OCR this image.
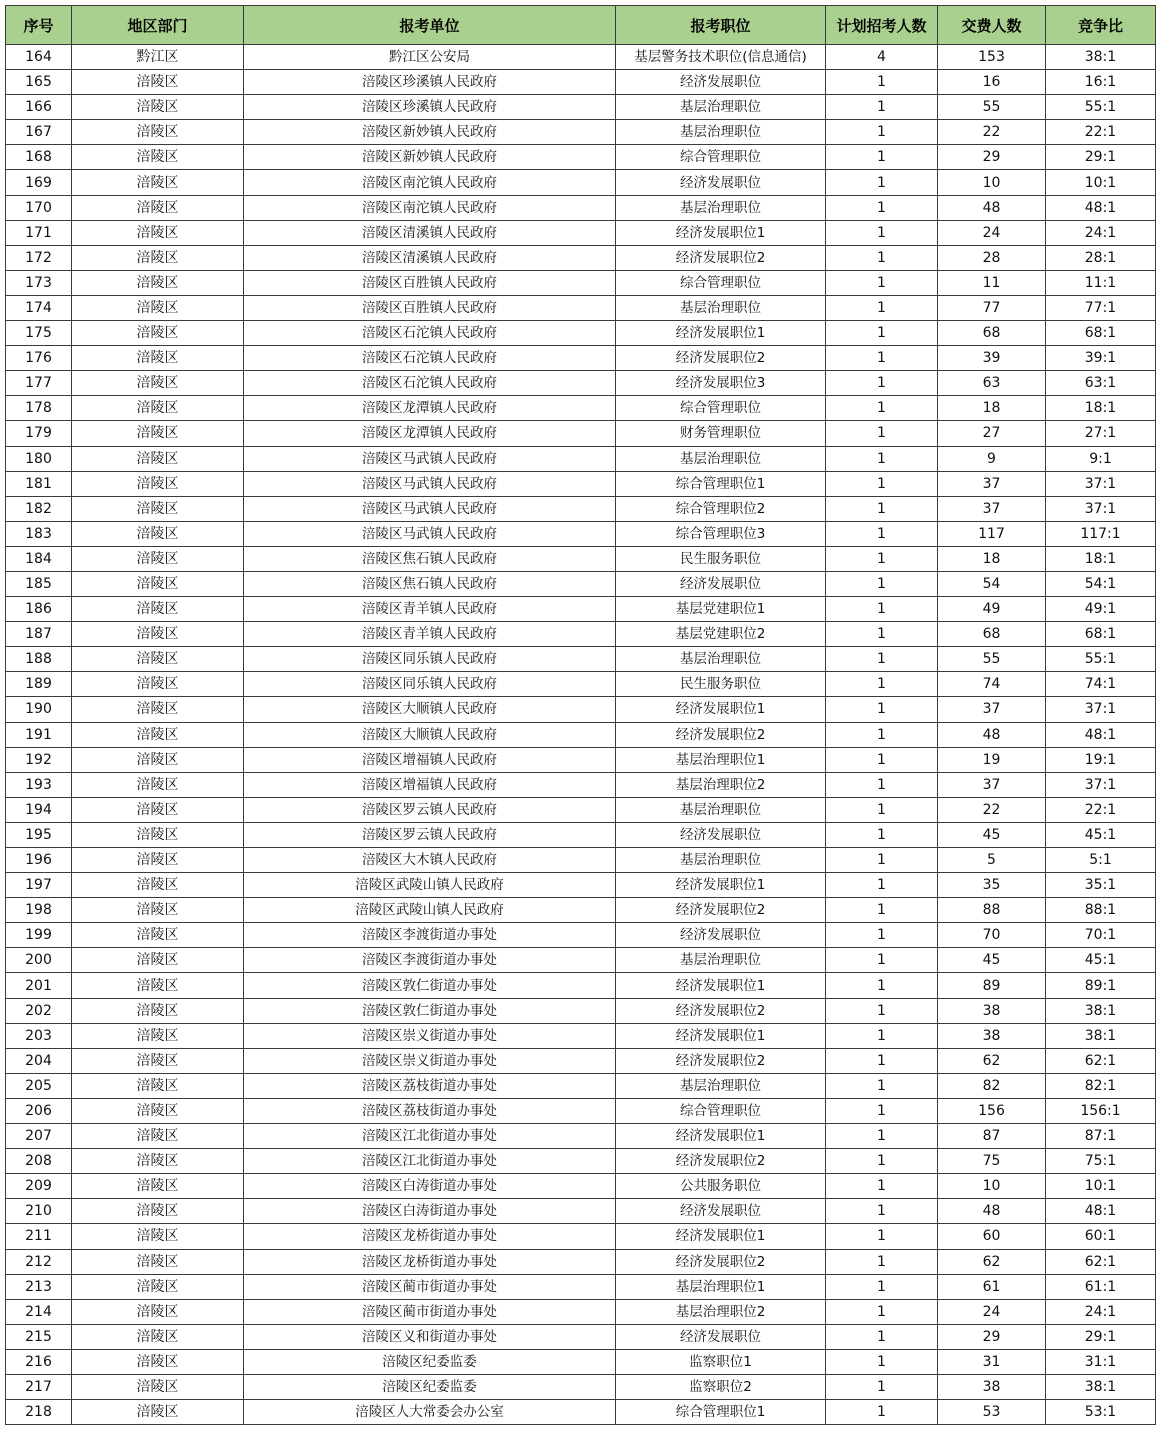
序号	地区部门	报考单位	报考职位	计划招考人数	交费人数	竞争比
164	黔江区	黔江区公安局	基层警务技术职位(信息通信)	4	153	38:1
165	涪陵区	涪陵区珍溪镇人民政府	经济发展职位	1	16	16:1
166	涪陵区	涪陵区珍溪镇人民政府	基层治理职位	1	55	55:1
167	涪陵区	涪陵区新妙镇人民政府	基层治理职位	1	22	22:1
168	涪陵区	涪陵区新妙镇人民政府	综合管理职位	1	29	29:1
169	涪陵区	涪陵区南沱镇人民政府	经济发展职位	1	10	10:1
170	涪陵区	涪陵区南沱镇人民政府	基层治理职位	1	48	48:1
171	涪陵区	涪陵区清溪镇人民政府	经济发展职位1	1	24	24:1
172	涪陵区	涪陵区清溪镇人民政府	经济发展职位2	1	28	28:1
173	涪陵区	涪陵区百胜镇人民政府	综合管理职位	1	11	11:1
174	涪陵区	涪陵区百胜镇人民政府	基层治理职位	1	77	77:1
175	涪陵区	涪陵区石沱镇人民政府	经济发展职位1	1	68	68:1
176	涪陵区	涪陵区石沱镇人民政府	经济发展职位2	1	39	39:1
177	涪陵区	涪陵区石沱镇人民政府	经济发展职位3	1	63	63:1
178	涪陵区	涪陵区龙潭镇人民政府	综合管理职位	1	18	18:1
179	涪陵区	涪陵区龙潭镇人民政府	财务管理职位	1	27	27:1
180	涪陵区	涪陵区马武镇人民政府	基层治理职位	1	9	9:1
181	涪陵区	涪陵区马武镇人民政府	综合管理职位1	1	37	37:1
182	涪陵区	涪陵区马武镇人民政府	综合管理职位2	1	37	37:1
183	涪陵区	涪陵区马武镇人民政府	综合管理职位3	1	117	117:1
184	涪陵区	涪陵区焦石镇人民政府	民生服务职位	1	18	18:1
185	涪陵区	涪陵区焦石镇人民政府	经济发展职位	1	54	54:1
186	涪陵区	涪陵区青羊镇人民政府	基层党建职位1	1	49	49:1
187	涪陵区	涪陵区青羊镇人民政府	基层党建职位2	1	68	68:1
188	涪陵区	涪陵区同乐镇人民政府	基层治理职位	1	55	55:1
189	涪陵区	涪陵区同乐镇人民政府	民生服务职位	1	74	74:1
190	涪陵区	涪陵区大顺镇人民政府	经济发展职位1	1	37	37:1
191	涪陵区	涪陵区大顺镇人民政府	经济发展职位2	1	48	48:1
192	涪陵区	涪陵区增福镇人民政府	基层治理职位1	1	19	19:1
193	涪陵区	涪陵区增福镇人民政府	基层治理职位2	1	37	37:1
194	涪陵区	涪陵区罗云镇人民政府	基层治理职位	1	22	22:1
195	涪陵区	涪陵区罗云镇人民政府	经济发展职位	1	45	45:1
196	涪陵区	涪陵区大木镇人民政府	基层治理职位	1	5	5:1
197	涪陵区	涪陵区武陵山镇人民政府	经济发展职位1	1	35	35:1
198	涪陵区	涪陵区武陵山镇人民政府	经济发展职位2	1	88	88:1
199	涪陵区	涪陵区李渡街道办事处	经济发展职位	1	70	70:1
200	涪陵区	涪陵区李渡街道办事处	基层治理职位	1	45	45:1
201	涪陵区	涪陵区敦仁街道办事处	经济发展职位1	1	89	89:1
202	涪陵区	涪陵区敦仁街道办事处	经济发展职位2	1	38	38:1
203	涪陵区	涪陵区崇义街道办事处	经济发展职位1	1	38	38:1
204	涪陵区	涪陵区崇义街道办事处	经济发展职位2	1	62	62:1
205	涪陵区	涪陵区荔枝街道办事处	基层治理职位	1	82	82:1
206	涪陵区	涪陵区荔枝街道办事处	综合管理职位	1	156	156:1
207	涪陵区	涪陵区江北街道办事处	经济发展职位1	1	87	87:1
208	涪陵区	涪陵区江北街道办事处	经济发展职位2	1	75	75:1
209	涪陵区	涪陵区白涛街道办事处	公共服务职位	1	10	10:1
210	涪陵区	涪陵区白涛街道办事处	经济发展职位	1	48	48:1
211	涪陵区	涪陵区龙桥街道办事处	经济发展职位1	1	60	60:1
212	涪陵区	涪陵区龙桥街道办事处	经济发展职位2	1	62	62:1
213	涪陵区	涪陵区蔺市街道办事处	基层治理职位1	1	61	61:1
214	涪陵区	涪陵区蔺市街道办事处	基层治理职位2	1	24	24:1
215	涪陵区	涪陵区义和街道办事处	经济发展职位	1	29	29:1
216	涪陵区	涪陵区纪委监委	监察职位1	1	31	31:1
217	涪陵区	涪陵区纪委监委	监察职位2	1	38	38:1
218	涪陵区	涪陵区人大常委会办公室	综合管理职位1	1	53	53:1
